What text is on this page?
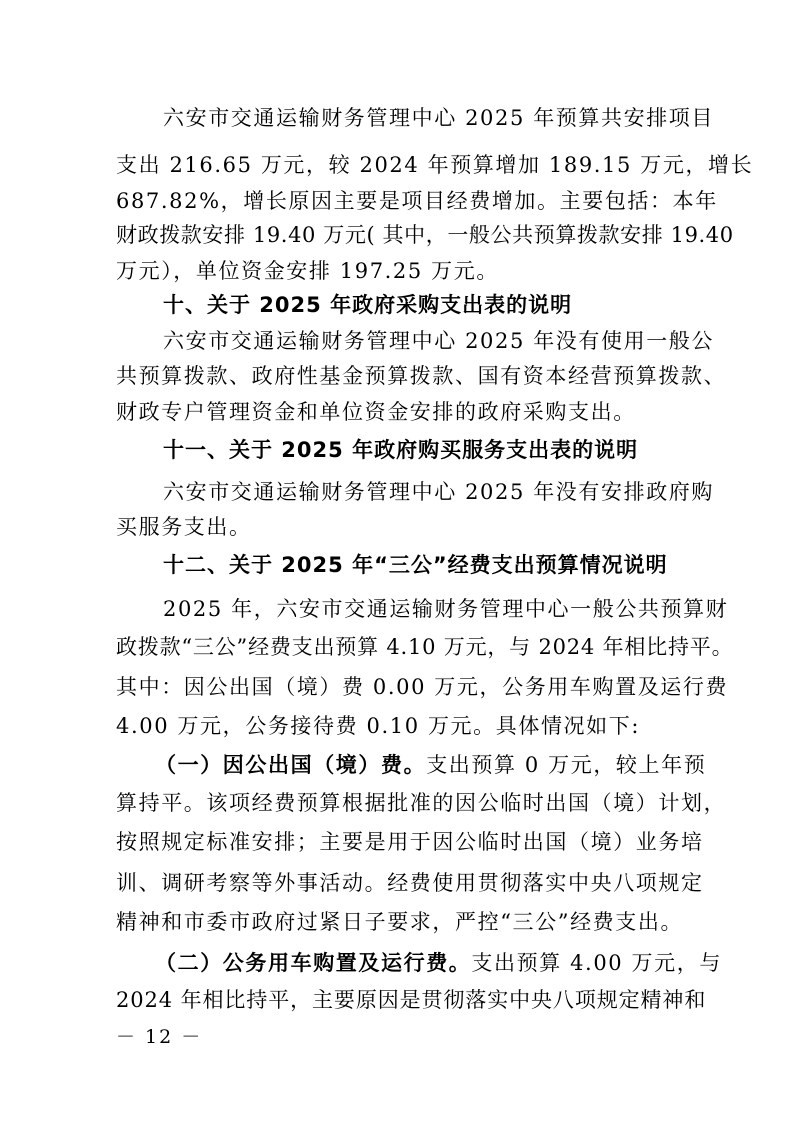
六安市交通运输财务管理中心 2025 年预算共安排项目
支出 216.65 万元，较 2024 年预算增加 189.15 万元，增长
687.82%，增长原因主要是项目经费增加。主要包括：本年
财政拨款安排 19.40 万元( 其中，一般公共预算拨款安排 19.40
万元），单位资金安排 197.25 万元。
十、关于 2025 年政府采购支出表的说明
六安市交通运输财务管理中心 2025 年没有使用一般公
共预算拨款、政府性基金预算拨款、国有资本经营预算拨款、
财政专户管理资金和单位资金安排的政府采购支出。
十一、关于 2025 年政府购买服务支出表的说明
六安市交通运输财务管理中心 2025 年没有安排政府购
买服务支出。
十二、关于 2025 年“三公”经费支出预算情况说明
2025 年，六安市交通运输财务管理中心一般公共预算财
政拨款“三公”经费支出预算 4.10 万元，与 2024 年相比持平。
其中：因公出国（境）费 0.00 万元，公务用车购置及运行费
4.00 万元，公务接待费 0.10 万元。具体情况如下:
（一）因公出国（境）费。支出预算 0 万元，较上年预
算持平。该项经费预算根据批准的因公临时出国（境）计划，
按照规定标准安排；主要是用于因公临时出国（境）业务培
训、调研考察等外事活动。经费使用贯彻落实中央八项规定
精神和市委市政府过紧日子要求，严控“三公”经费支出。
（二）公务用车购置及运行费。支出预算 4.00 万元，与
2024 年相比持平，主要原因是贯彻落实中央八项规定精神和
－ 12 －
